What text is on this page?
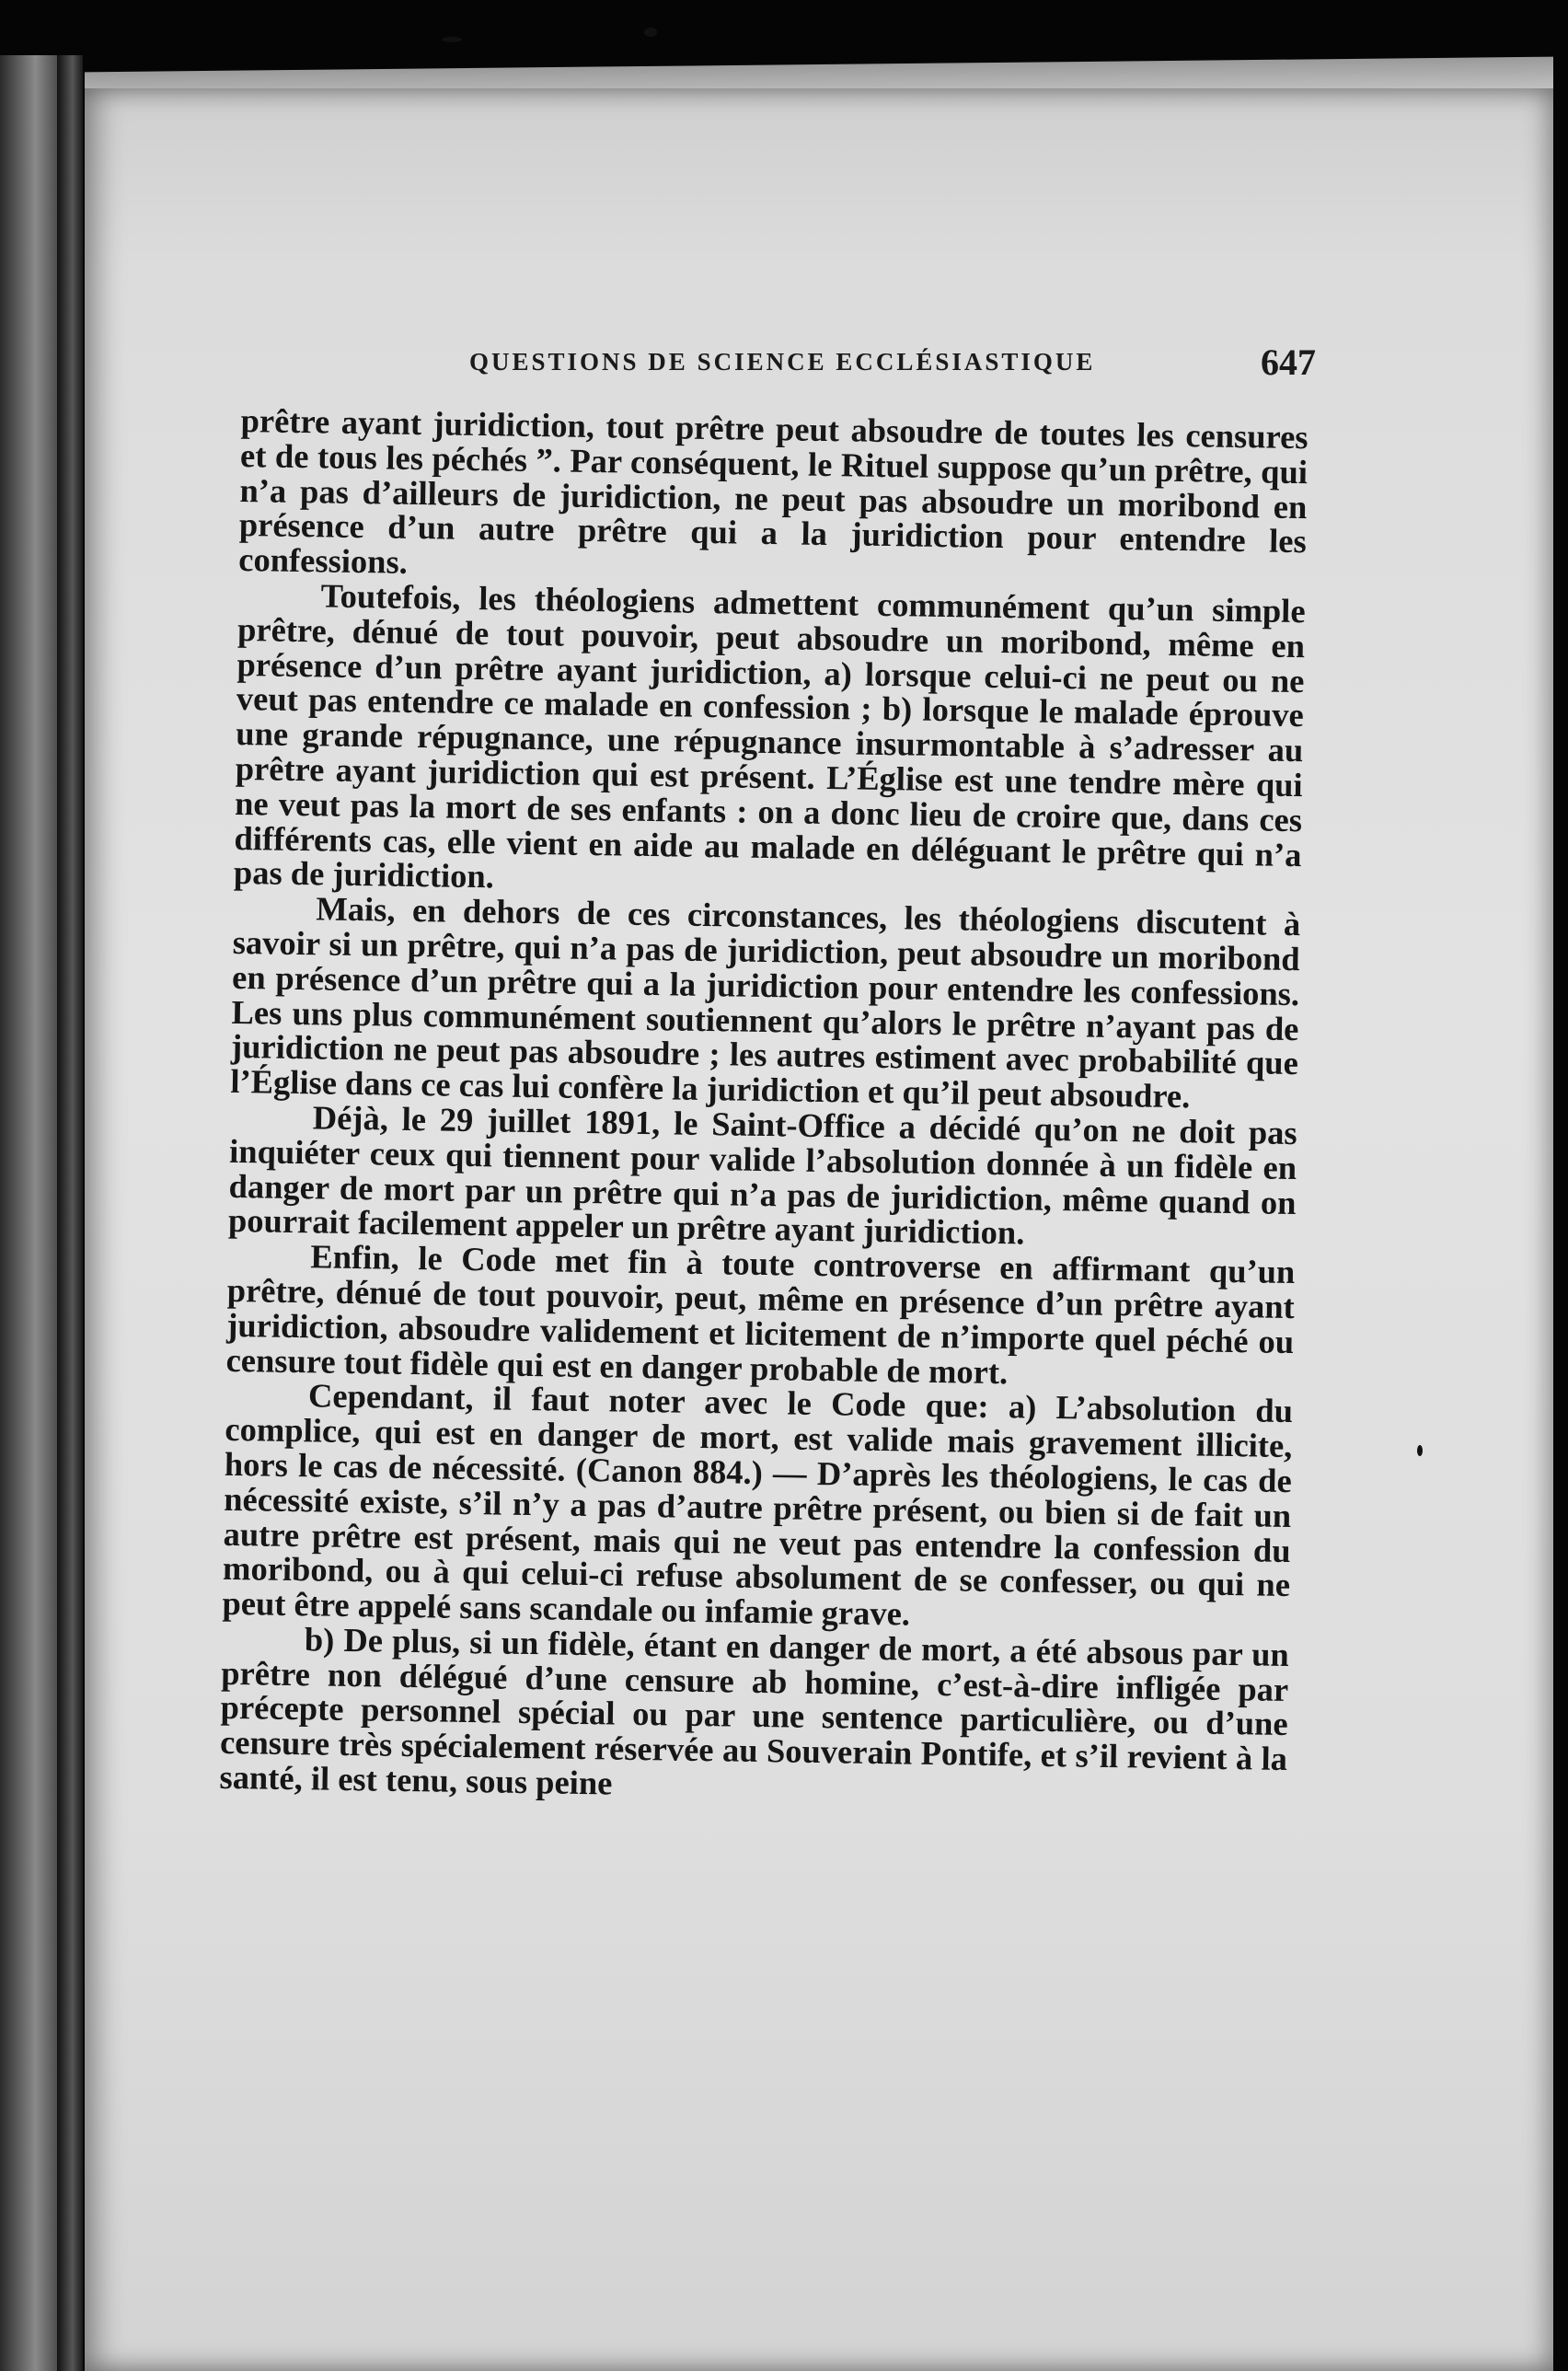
QUESTIONS DE SCIENCE ECCLÉSIASTIQUE	647

prêtre ayant juridiction, tout prêtre peut absoudre de toutes les censures et de tous les péchés ”. Par conséquent, le Rituel suppose qu’un prêtre, qui n’a pas d’ailleurs de juridiction, ne peut pas absoudre un moribond en présence d’un autre prêtre qui a la juridiction pour entendre les confessions.

Toutefois, les théologiens admettent communément qu’un simple prêtre, dénué de tout pouvoir, peut absoudre un moribond, même en présence d’un prêtre ayant juridiction, a) lorsque celui-ci ne peut ou ne veut pas entendre ce malade en confession ; b) lorsque le malade éprouve une grande répugnance, une répugnance insurmontable à s’adresser au prêtre ayant juridiction qui est présent. L’Église est une tendre mère qui ne veut pas la mort de ses enfants : on a donc lieu de croire que, dans ces différents cas, elle vient en aide au malade en déléguant le prêtre qui n’a pas de juridiction.

Mais, en dehors de ces circonstances, les théologiens discutent à savoir si un prêtre, qui n’a pas de juridiction, peut absoudre un moribond en présence d’un prêtre qui a la juridiction pour entendre les confessions. Les uns plus communément soutiennent qu’alors le prêtre n’ayant pas de juridiction ne peut pas absoudre ; les autres estiment avec probabilité que l’Église dans ce cas lui confère la juridiction et qu’il peut absoudre.

Déjà, le 29 juillet 1891, le Saint-Office a décidé qu’on ne doit pas inquiéter ceux qui tiennent pour valide l’absolution donnée à un fidèle en danger de mort par un prêtre qui n’a pas de juridiction, même quand on pourrait facilement appeler un prêtre ayant juridiction.

Enfin, le Code met fin à toute controverse en affirmant qu’un prêtre, dénué de tout pouvoir, peut, même en présence d’un prêtre ayant juridiction, absoudre validement et licitement de n’importe quel péché ou censure tout fidèle qui est en danger probable de mort.

Cependant, il faut noter avec le Code que: a) L’absolution du complice, qui est en danger de mort, est valide mais gravement illicite, hors le cas de nécessité. (Canon 884.) — D’après les théologiens, le cas de nécessité existe, s’il n’y a pas d’autre prêtre présent, ou bien si de fait un autre prêtre est présent, mais qui ne veut pas entendre la confession du moribond, ou à qui celui-ci refuse absolument de se confesser, ou qui ne peut être appelé sans scandale ou infamie grave.

b) De plus, si un fidèle, étant en danger de mort, a été absous par un prêtre non délégué d’une censure ab homine, c’est-à-dire infligée par précepte personnel spécial ou par une sentence particulière, ou d’une censure très spécialement réservée au Souverain Pontife, et s’il revient à la santé, il est tenu, sous peine
